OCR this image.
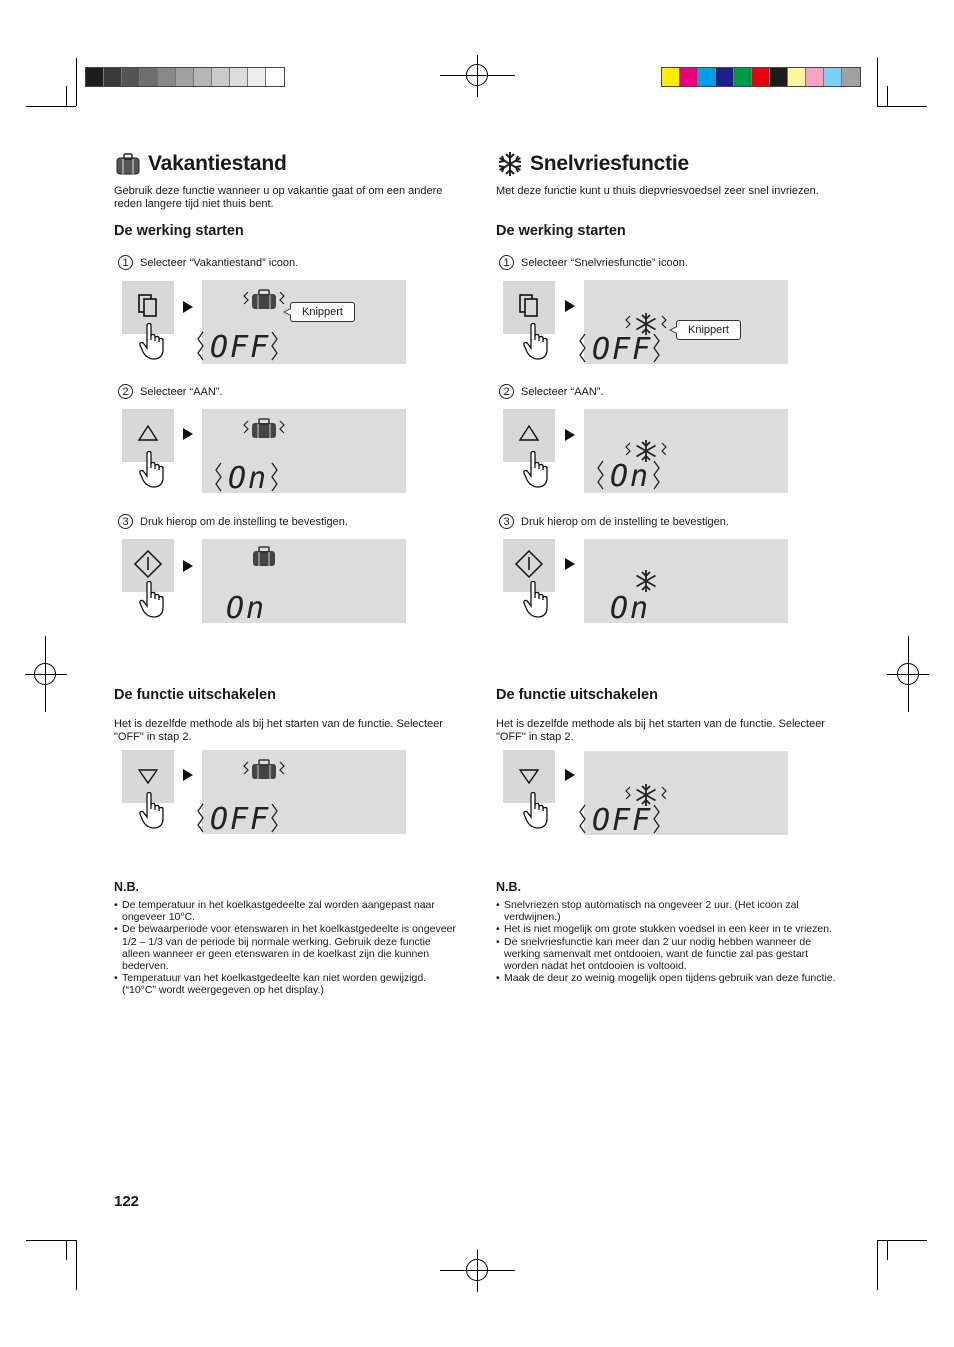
Vakantiestand
Gebruik deze functie wanneer u op vakantie gaat of om een andere reden langere tijd niet thuis bent.
De werking starten
1	Selecteer “Vakantiestand” icoon.
Knippert
OFF
2	Selecteer “AAN”.
On
3	Druk hierop om de instelling te bevestigen.
On
De functie uitschakelen
Het is dezelfde methode als bij het starten van de functie. Selecteer "OFF" in stap 2.
OFF
N.B.
• De temperatuur in het koelkastgedeelte zal worden aangepast naar ongeveer 10°C.
• De bewaarperiode voor etenswaren in het koelkastgedeelte is ongeveer 1/2 – 1/3 van de periode bij normale werking. Gebruik deze functie alleen wanneer er geen etenswaren in de koelkast zijn die kunnen bederven.
• Temperatuur van het koelkastgedeelte kan niet worden gewijzigd. (“10°C” wordt weergegeven op het display.)
Snelvriesfunctie
Met deze functie kunt u thuis diepvriesvoedsel zeer snel invriezen.
De werking starten
1	Selecteer “Snelvriesfunctie” icoon.
Knippert
OFF
2	Selecteer “AAN”.
On
3	Druk hierop om de instelling te bevestigen.
On
De functie uitschakelen
Het is dezelfde methode als bij het starten van de functie. Selecteer "OFF" in stap 2.
OFF
N.B.
• Snelvriezen stop automatisch na ongeveer 2 uur. (Het icoon zal verdwijnen.)
• Het is niet mogelijk om grote stukken voedsel in een keer in te vriezen.
• De snelvriesfunctie kan meer dan 2 uur nodig hebben wanneer de werking samenvalt met ontdooien, want de functie zal pas gestart worden nadat het ontdooien is voltooid.
• Maak de deur zo weinig mogelijk open tijdens gebruik van deze functie.
122
